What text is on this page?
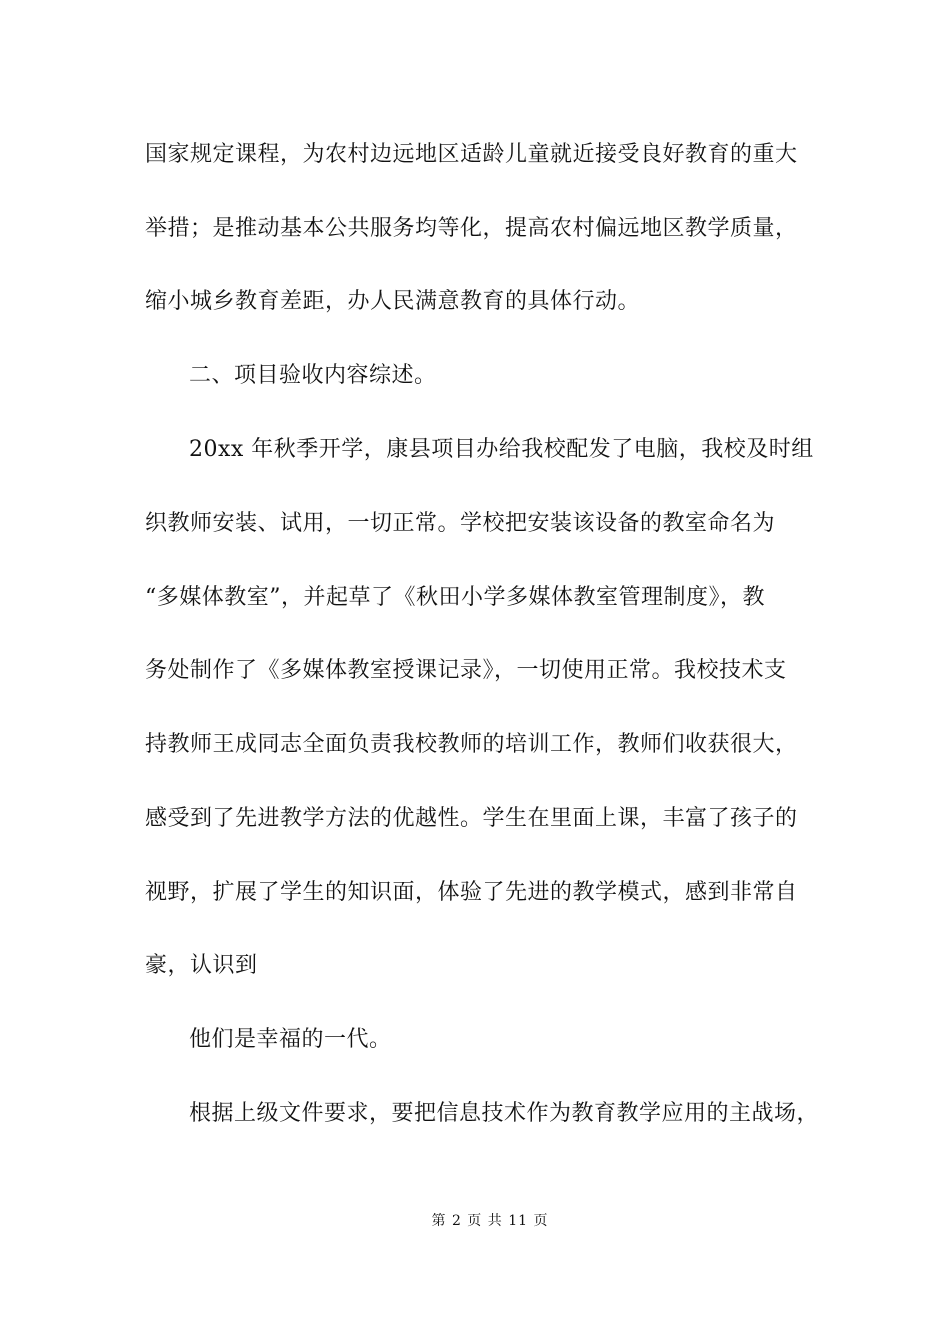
国家规定课程，为农村边远地区适龄儿童就近接受良好教育的重大
举措；是推动基本公共服务均等化，提高农村偏远地区教学质量，
缩小城乡教育差距，办人民满意教育的具体行动。
二、项目验收内容综述。
20xx 年秋季开学，康县项目办给我校配发了电脑，我校及时组
织教师安装、试用，一切正常。学校把安装该设备的教室命名为
“多媒体教室”，并起草了《秋田小学多媒体教室管理制度》，教
务处制作了《多媒体教室授课记录》，一切使用正常。我校技术支
持教师王成同志全面负责我校教师的培训工作，教师们收获很大，
感受到了先进教学方法的优越性。学生在里面上课，丰富了孩子的
视野，扩展了学生的知识面，体验了先进的教学模式，感到非常自
豪，认识到
他们是幸福的一代。
根据上级文件要求，要把信息技术作为教育教学应用的主战场，
第 2 页 共 11 页
